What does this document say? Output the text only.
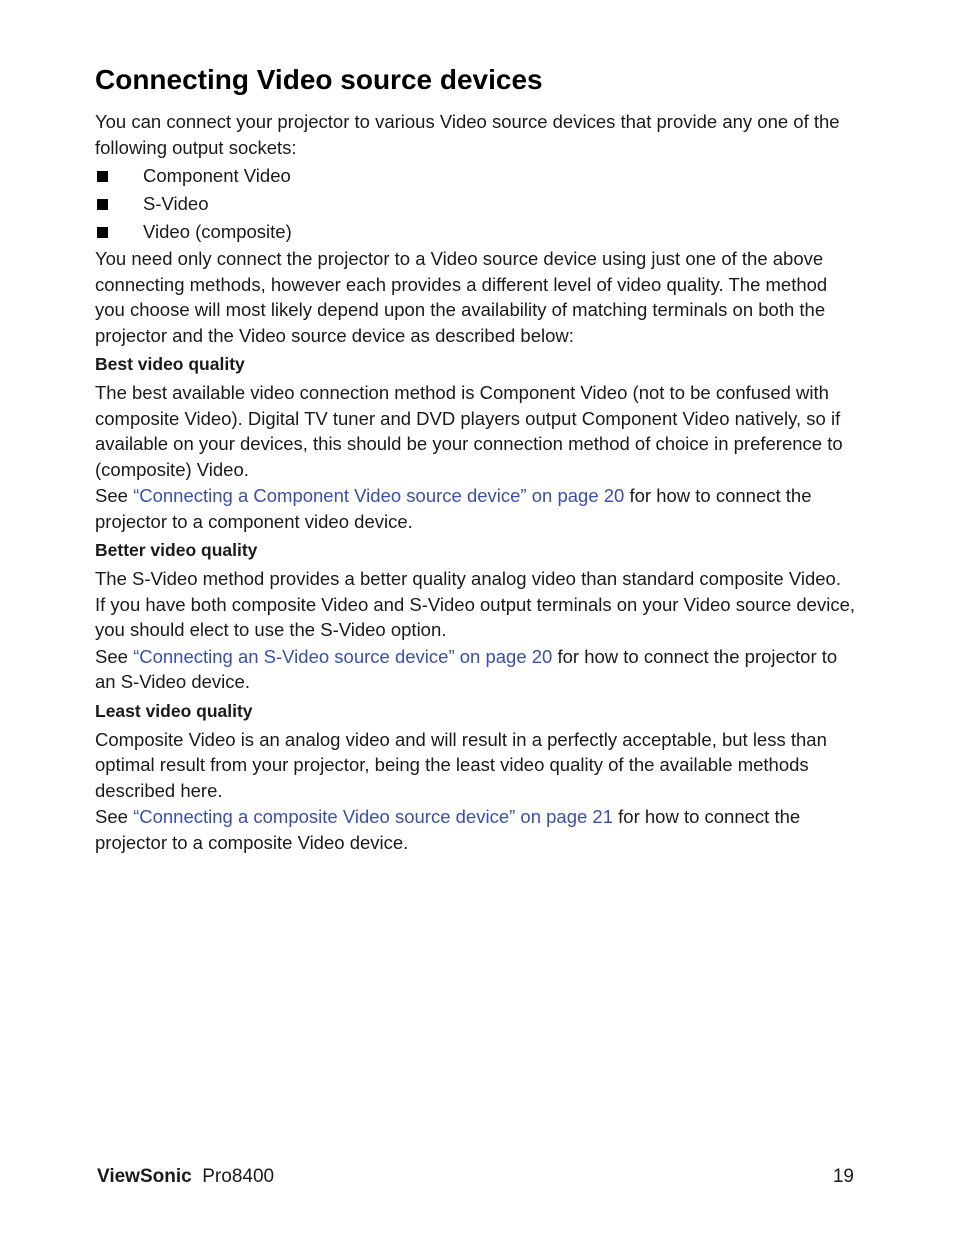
Connecting Video source devices

You can connect your projector to various Video source devices that provide any one of the following output sockets:

Component Video
S-Video
Video (composite)

You need only connect the projector to a Video source device using just one of the above connecting methods, however each provides a different level of video quality. The method you choose will most likely depend upon the availability of matching terminals on both the projector and the Video source device as described below:

Best video quality

The best available video connection method is Component Video (not to be confused with composite Video). Digital TV tuner and DVD players output Component Video natively, so if available on your devices, this should be your connection method of choice in preference to (composite) Video.

See “Connecting a Component Video source device” on page 20 for how to connect the projector to a component video device.

Better video quality

The S-Video method provides a better quality analog video than standard composite Video. If you have both composite Video and S-Video output terminals on your Video source device, you should elect to use the S-Video option.

See “Connecting an S-Video source device” on page 20 for how to connect the projector to an S-Video device.

Least video quality

Composite Video is an analog video and will result in a perfectly acceptable, but less than optimal result from your projector, being the least video quality of the available methods described here.

See “Connecting a composite Video source device” on page 21 for how to connect the projector to a composite Video device.

ViewSonic Pro8400	19
